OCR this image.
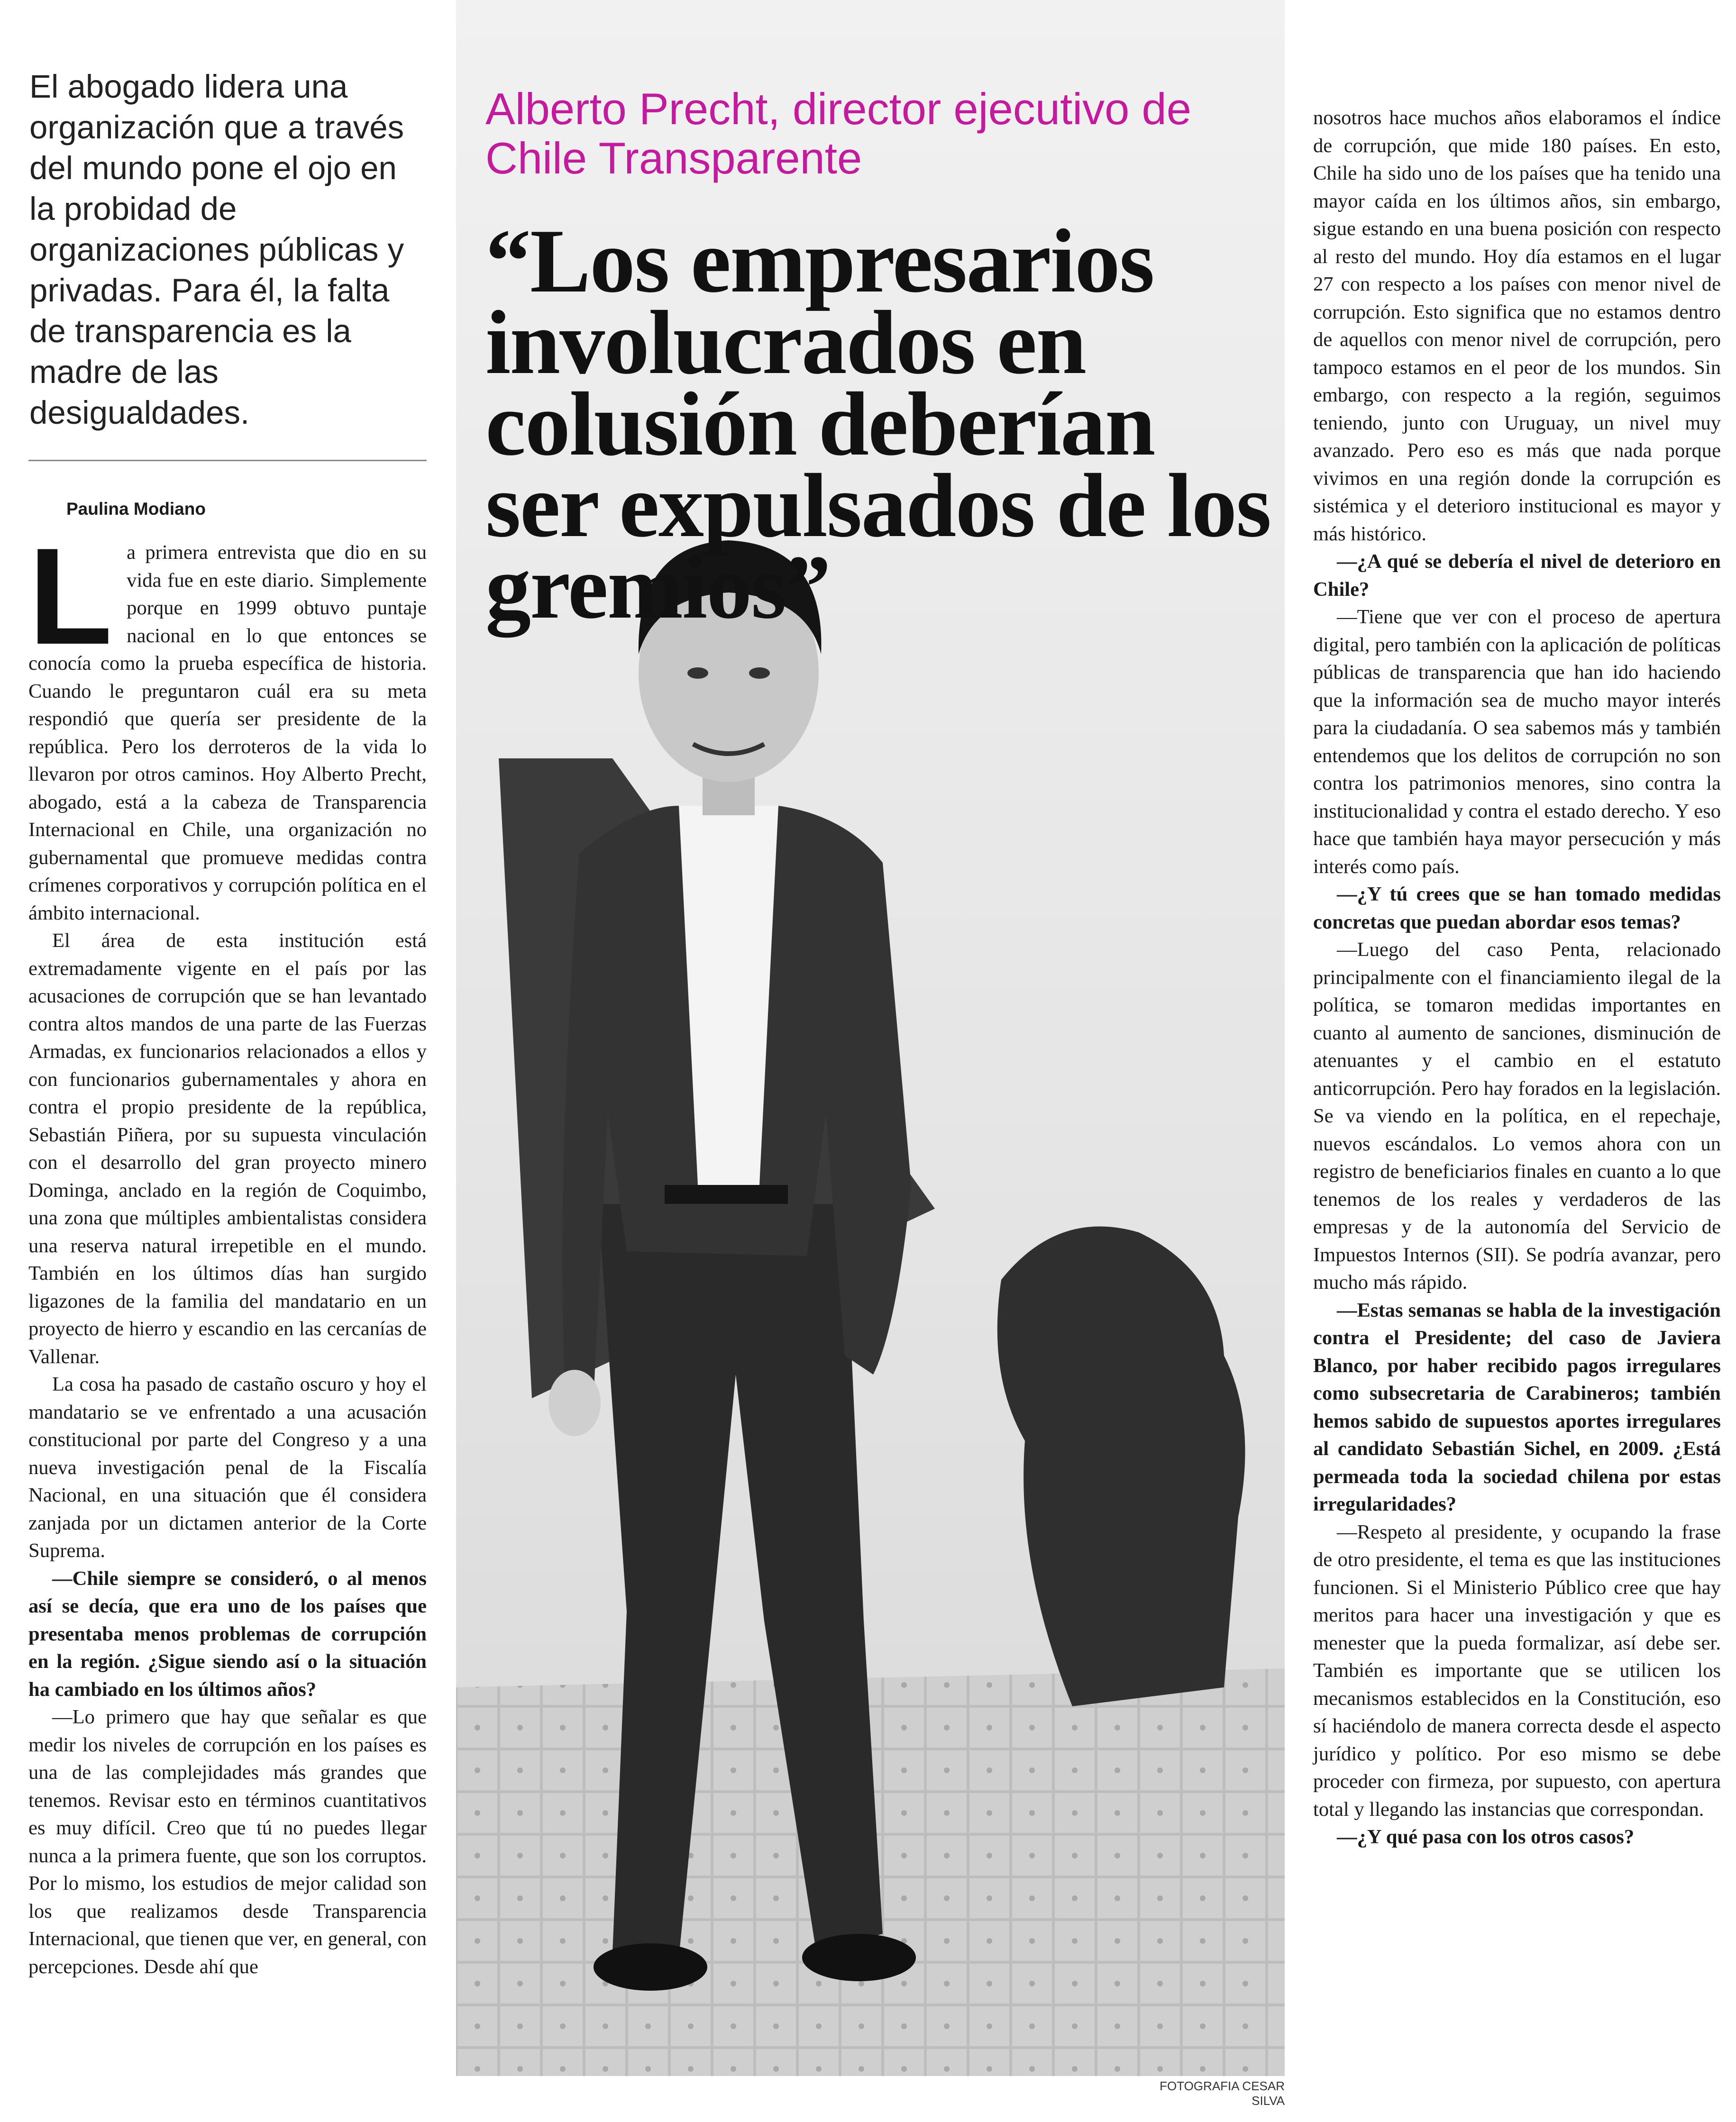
El abogado lidera una organización que a través del mundo pone el ojo en la probidad de organizaciones públicas y privadas. Para él, la falta de transparencia es la madre de las desigualdades.

Paulina Modiano
L a primera entrevista que dio en su vida fue en este diario. Simplemente porque en 1999 obtuvo puntaje nacional en lo que entonces se conocía como la prueba específica de historia. Cuando le preguntaron cuál era su meta respondió que quería ser presidente de la república. Pero los derroteros de la vida lo llevaron por otros caminos. Hoy Alberto Precht, abogado, está a la cabeza de Transparencia Internacional en Chile, una organización no gubernamental que promueve medidas contra crímenes corporativos y corrupción política en el ámbito internacional.

El área de esta institución está extremadamente vigente en el país por las acusaciones de corrupción que se han levantado contra altos mandos de una parte de las Fuerzas Armadas, ex funcionarios relacionados a ellos y con funcionarios gubernamentales y ahora en contra el propio presidente de la república, Sebastián Piñera, por su supuesta vinculación con el desarrollo del gran proyecto minero Dominga, anclado en la región de Coquimbo, una zona que múltiples ambientalistas considera una reserva natural irrepetible en el mundo. También en los últimos días han surgido ligazones de la familia del mandatario en un proyecto de hierro y escandio en las cercanías de Vallenar.

La cosa ha pasado de castaño oscuro y hoy el mandatario se ve enfrentado a una acusación constitucional por parte del Congreso y a una nueva investigación penal de la Fiscalía Nacional, en una situación que él considera zanjada por un dictamen anterior de la Corte Suprema.

—Chile siempre se consideró, o al menos así se decía, que era uno de los países que presentaba menos problemas de corrupción en la región. ¿Sigue siendo así o la situación ha cambiado en los últimos años?

—Lo primero que hay que señalar es que medir los niveles de corrupción en los países es una de las complejidades más grandes que tenemos. Revisar esto en términos cuantitativos es muy difícil. Creo que tú no puedes llegar nunca a la primera fuente, que son los corruptos. Por lo mismo, los estudios de mejor calidad son los que realizamos desde Transparencia Internacional, que tienen que ver, en general, con percepciones. Desde ahí que

Alberto Precht, director ejecutivo de Chile Transparente

“Los empresarios involucrados en colusión deberían ser expulsados de los gremios”
FOTOGRAFIA CESAR SILVA

nosotros hace muchos años elaboramos el índice de corrupción, que mide 180 países. En esto, Chile ha sido uno de los países que ha tenido una mayor caída en los últimos años, sin embargo, sigue estando en una buena posición con respecto al resto del mundo. Hoy día estamos en el lugar 27 con respecto a los países con menor nivel de corrupción. Esto significa que no estamos dentro de aquellos con menor nivel de corrupción, pero tampoco estamos en el peor de los mundos. Sin embargo, con respecto a la región, seguimos teniendo, junto con Uruguay, un nivel muy avanzado. Pero eso es más que nada porque vivimos en una región donde la corrupción es sistémica y el deterioro institucional es mayor y más histórico.

—¿A qué se debería el nivel de deterioro en Chile?

—Tiene que ver con el proceso de apertura digital, pero también con la aplicación de políticas públicas de transparencia que han ido haciendo que la información sea de mucho mayor interés para la ciudadanía. O sea sabemos más y también entendemos que los delitos de corrupción no son contra los patrimonios menores, sino contra la institucionalidad y contra el estado derecho. Y eso hace que también haya mayor persecución y más interés como país.

—¿Y tú crees que se han tomado medidas concretas que puedan abordar esos temas?

—Luego del caso Penta, relacionado principalmente con el financiamiento ilegal de la política, se tomaron medidas importantes en cuanto al aumento de sanciones, disminución de atenuantes y el cambio en el estatuto anticorrupción. Pero hay forados en la legislación. Se va viendo en la política, en el repechaje, nuevos escándalos. Lo vemos ahora con un registro de beneficiarios finales en cuanto a lo que tenemos de los reales y verdaderos de las empresas y de la autonomía del Servicio de Impuestos Internos (SII). Se podría avanzar, pero mucho más rápido.

—Estas semanas se habla de la investigación contra el Presidente; del caso de Javiera Blanco, por haber recibido pagos irregulares como subsecretaria de Carabineros; también hemos sabido de supuestos aportes irregulares al candidato Sebastián Sichel, en 2009. ¿Está permeada toda la sociedad chilena por estas irregularidades?

—Respeto al presidente, y ocupando la frase de otro presidente, el tema es que las instituciones funcionen. Si el Ministerio Público cree que hay meritos para hacer una investigación y que es menester que la pueda formalizar, así debe ser. También es importante que se utilicen los mecanismos establecidos en la Constitución, eso sí haciéndolo de manera correcta desde el aspecto jurídico y político. Por eso mismo se debe proceder con firmeza, por supuesto, con apertura total y llegando las instancias que correspondan.

—¿Y qué pasa con los otros casos?
